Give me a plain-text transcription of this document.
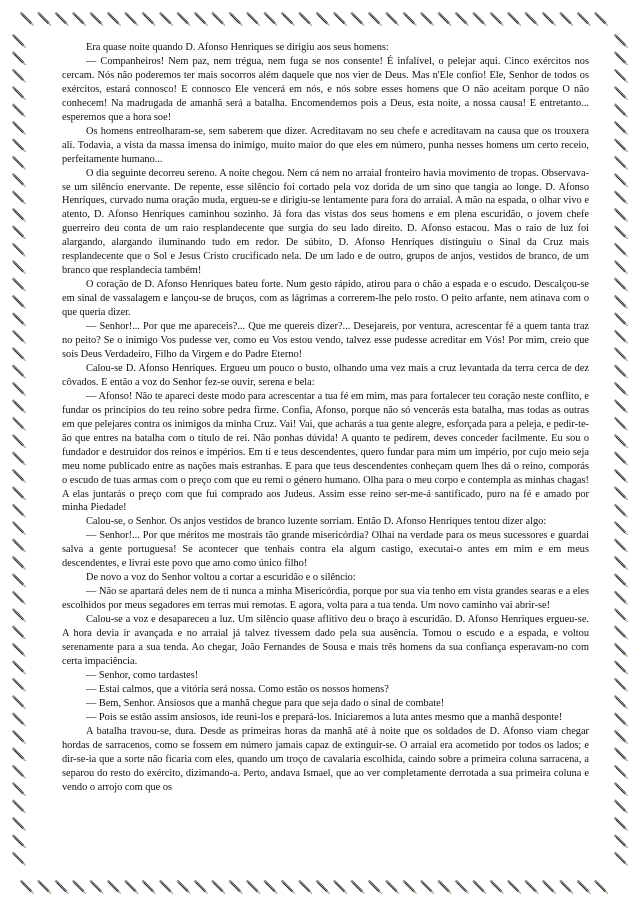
Era quase noite quando D. Afonso Henriques se dirigiu aos seus homens:

— Companheiros! Nem paz, nem trégua, nem fuga se nos consente! É infalível, o pelejar aqui. Cinco exércitos nos cercam. Nós não poderemos ter mais socorros além daquele que nos vier de Deus. Mas n'Ele confio! Ele, Senhor de todos os exércitos, estará connosco! E connosco Ele vencerá em nós, e nós sobre esses homens que O não aceitam porque O não conhecem! Na madrugada de amanhã será a batalha. Encomendemos pois a Deus, esta noite, a nossa causa! E entretanto... esperemos que a hora soe!

Os homens entreolharam-se, sem saberem que dizer. Acreditavam no seu chefe e acreditavam na causa que os trouxera ali. Todavia, a vista da massa imensa do inimigo, muito maior do que eles em número, punha nesses homens um certo receio, perfeitamente humano...

O dia seguinte decorreu sereno. A noite chegou. Nem cá nem no arraial fronteiro havia movimento de tropas. Observava-se um silêncio enervante. De repente, esse silêncio foi cortado pela voz dorida de um sino que tangia ao longe. D. Afonso Henriques, curvado numa oração muda, ergueu-se e dirigiu-se lentamente para fora do arraial. A mão na espada, o olhar vivo e atento, D. Afonso Henriques caminhou sozinho. Já fora das vistas dos seus homens e em plena escuridão, o jovem chefe guerreiro deu conta de um raio resplandecente que surgia do seu lado direito. D. Afonso estacou. Mas o raio de luz foi alargando, alargando iluminando tudo em redor. De súbito, D. Afonso Henriques distinguiu o Sinal da Cruz mais resplandecente que o Sol e Jesus Cristo crucificado nela. De um lado e de outro, grupos de anjos, vestidos de branco, de um branco que resplandecia também!

O coração de D. Afonso Henriques bateu forte. Num gesto rápido, atirou para o chão a espada e o escudo. Descalçou-se em sinal de vassalagem e lançou-se de bruços, com as lágrimas a correrem-lhe pelo rosto. O peito arfante, nem atinava com o que queria dizer.

— Senhor!... Por que me apareceis?... Que me quereis dizer?... Desejareis, por ventura, acrescentar fé a quem tanta traz no peito? Se o inimigo Vos pudesse ver, como eu Vos estou vendo, talvez esse pudesse acreditar em Vós! Por mim, creio que sois Deus Verdadeiro, Filho da Virgem e do Padre Eterno!

Calou-se D. Afonso Henriques. Ergueu um pouco o busto, olhando uma vez mais a cruz levantada da terra cerca de dez côvados. E então a voz do Senhor fez-se ouvir, serena e bela:

— Afonso! Não te apareci deste modo para acrescentar a tua fé em mim, mas para fortalecer teu coração neste conflito, e fundar os princípios do teu reino sobre pedra firme. Confia, Afonso, porque não só vencerás esta batalha, mas todas as outras em que pelejares contra os inimigos da minha Cruz. Vai! Vai, que acharás a tua gente alegre, esforçada para a peleja, e pedir-te-ão que entres na batalha com o título de rei. Não ponhas dúvida! A quanto te pedirem, deves conceder facilmente. Eu sou o fundador e destruidor dos reinos e impérios. Em ti e teus descendentes, quero fundar para mim um império, por cujo meio seja meu nome publicado entre as nações mais estranhas. E para que teus descendentes conheçam quem lhes dá o reino, comporás o escudo de tuas armas com o preço com que eu remi o género humano. Olha para o meu corpo e contempla as minhas chagas! A elas juntarás o preço com que fui comprado aos Judeus. Assim esse reino ser-me-á santificado, puro na fé e amado por minha Piedade!

Calou-se, o Senhor. Os anjos vestidos de branco luzente sorriam. Então D. Afonso Henriques tentou dizer algo:

— Senhor!... Por que méritos me mostrais tão grande misericórdia? Olhai na verdade para os meus sucessores e guardai salva a gente portuguesa! Se acontecer que tenhais contra ela algum castigo, executai-o antes em mim e em meus descendentes, e livrai este povo que amo como único filho!

De novo a voz do Senhor voltou a cortar a escuridão e o silêncio:

— Não se apartará deles nem de ti nunca a minha Misericórdia, porque por sua via tenho em vista grandes searas e a eles escolhidos por meus segadores em terras mui remotas. E agora, volta para a tua tenda. Um novo caminho vai abrir-se!

Calou-se a voz e desapareceu a luz. Um silêncio quase aflitivo deu o braço à escuridão. D. Afonso Henriques ergueu-se. A hora devia ir avançada e no arraial já talvez tivessem dado pela sua ausência. Tomou o escudo e a espada, e voltou serenamente para a sua tenda. Ao chegar, João Fernandes de Sousa e mais três homens da sua confiança esperavam-no com certa impaciência.

— Senhor, como tardastes!

— Estai calmos, que a vitória será nossa. Como estão os nossos homens?

— Bem, Senhor. Ansiosos que a manhã chegue para que seja dado o sinal de combate!

— Pois se estão assim ansiosos, ide reuni-los e prepará-los. Iniciaremos a luta antes mesmo que a manhã desponte!

A batalha travou-se, dura. Desde as primeiras horas da manhã até à noite que os soldados de D. Afonso viam chegar hordas de sarracenos, como se fossem em número jamais capaz de extinguir-se. O arraial era acometido por todos os lados; e dir-se-ia que a sorte não ficaria com eles, quando um troço de cavalaria escolhida, caindo sobre a primeira coluna sarracena, a separou do resto do exército, dizimando-a. Perto, andava Ismael, que ao ver completamente derrotada a sua primeira coluna e vendo o arrojo com que os
